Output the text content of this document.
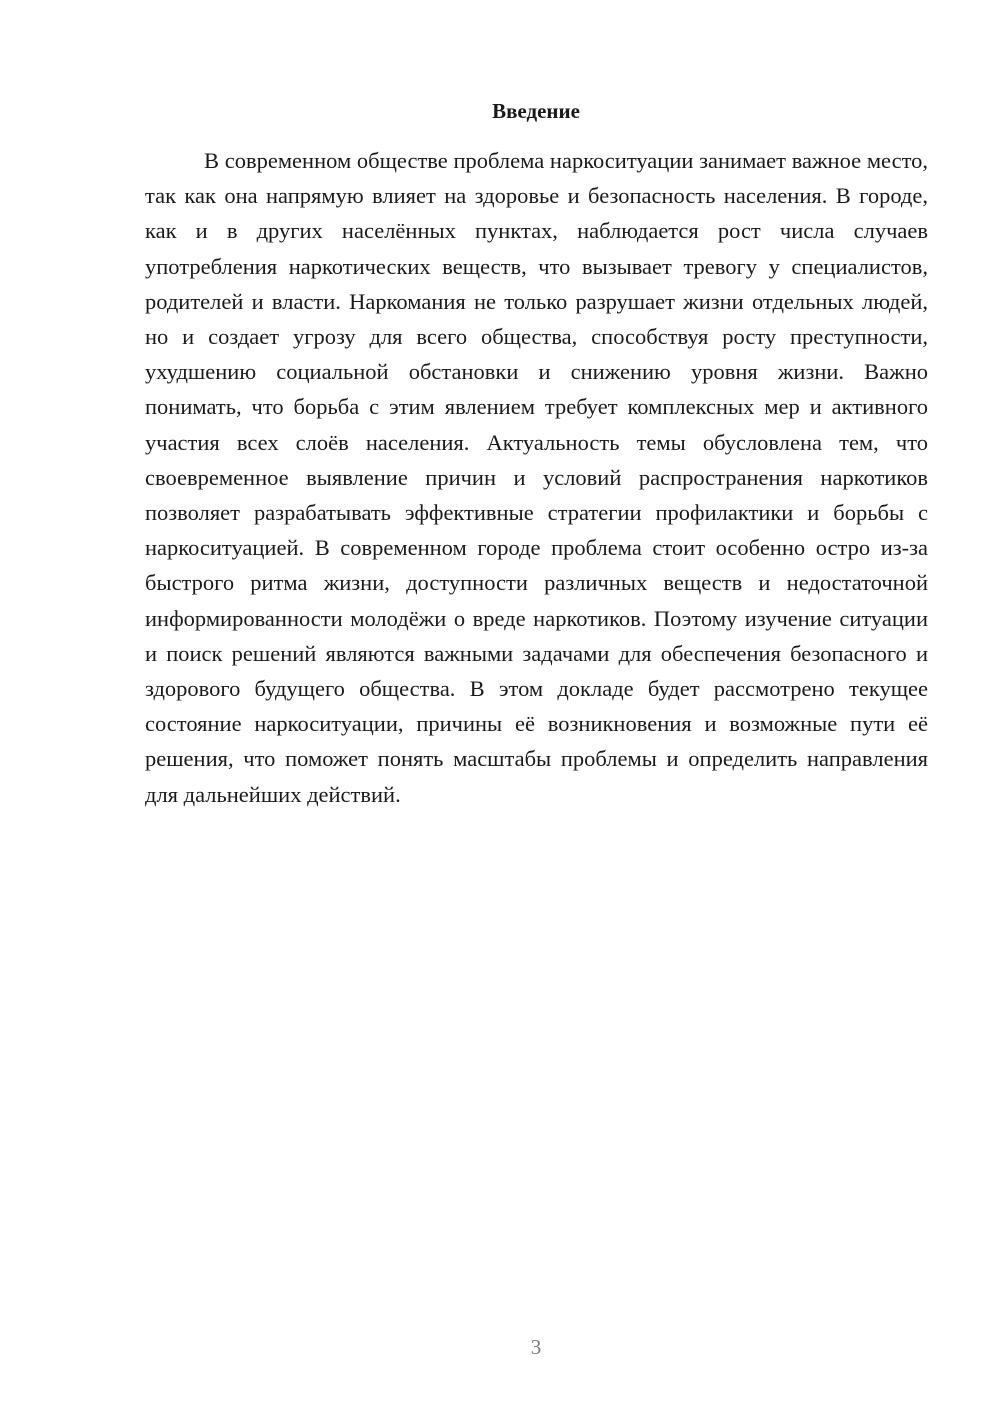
Введение

В современном обществе проблема наркоситуации занимает важное место, так как она напрямую влияет на здоровье и безопасность населения. В городе, как и в других населённых пунктах, наблюдается рост числа случаев употребления наркотических веществ, что вызывает тревогу у специалистов, родителей и власти. Наркомания не только разрушает жизни отдельных людей, но и создает угрозу для всего общества, способствуя росту преступности, ухудшению социальной обстановки и снижению уровня жизни. Важно понимать, что борьба с этим явлением требует комплексных мер и активного участия всех слоёв населения. Актуальность темы обусловлена тем, что своевременное выявление причин и условий распространения наркотиков позволяет разрабатывать эффективные стратегии профилактики и борьбы с наркоситуацией. В современном городе проблема стоит особенно остро из-за быстрого ритма жизни, доступности различных веществ и недостаточной информированности молодёжи о вреде наркотиков. Поэтому изучение ситуации и поиск решений являются важными задачами для обеспечения безопасного и здорового будущего общества. В этом докладе будет рассмотрено текущее состояние наркоситуации, причины её возникновения и возможные пути её решения, что поможет понять масштабы проблемы и определить направления для дальнейших действий.

3
